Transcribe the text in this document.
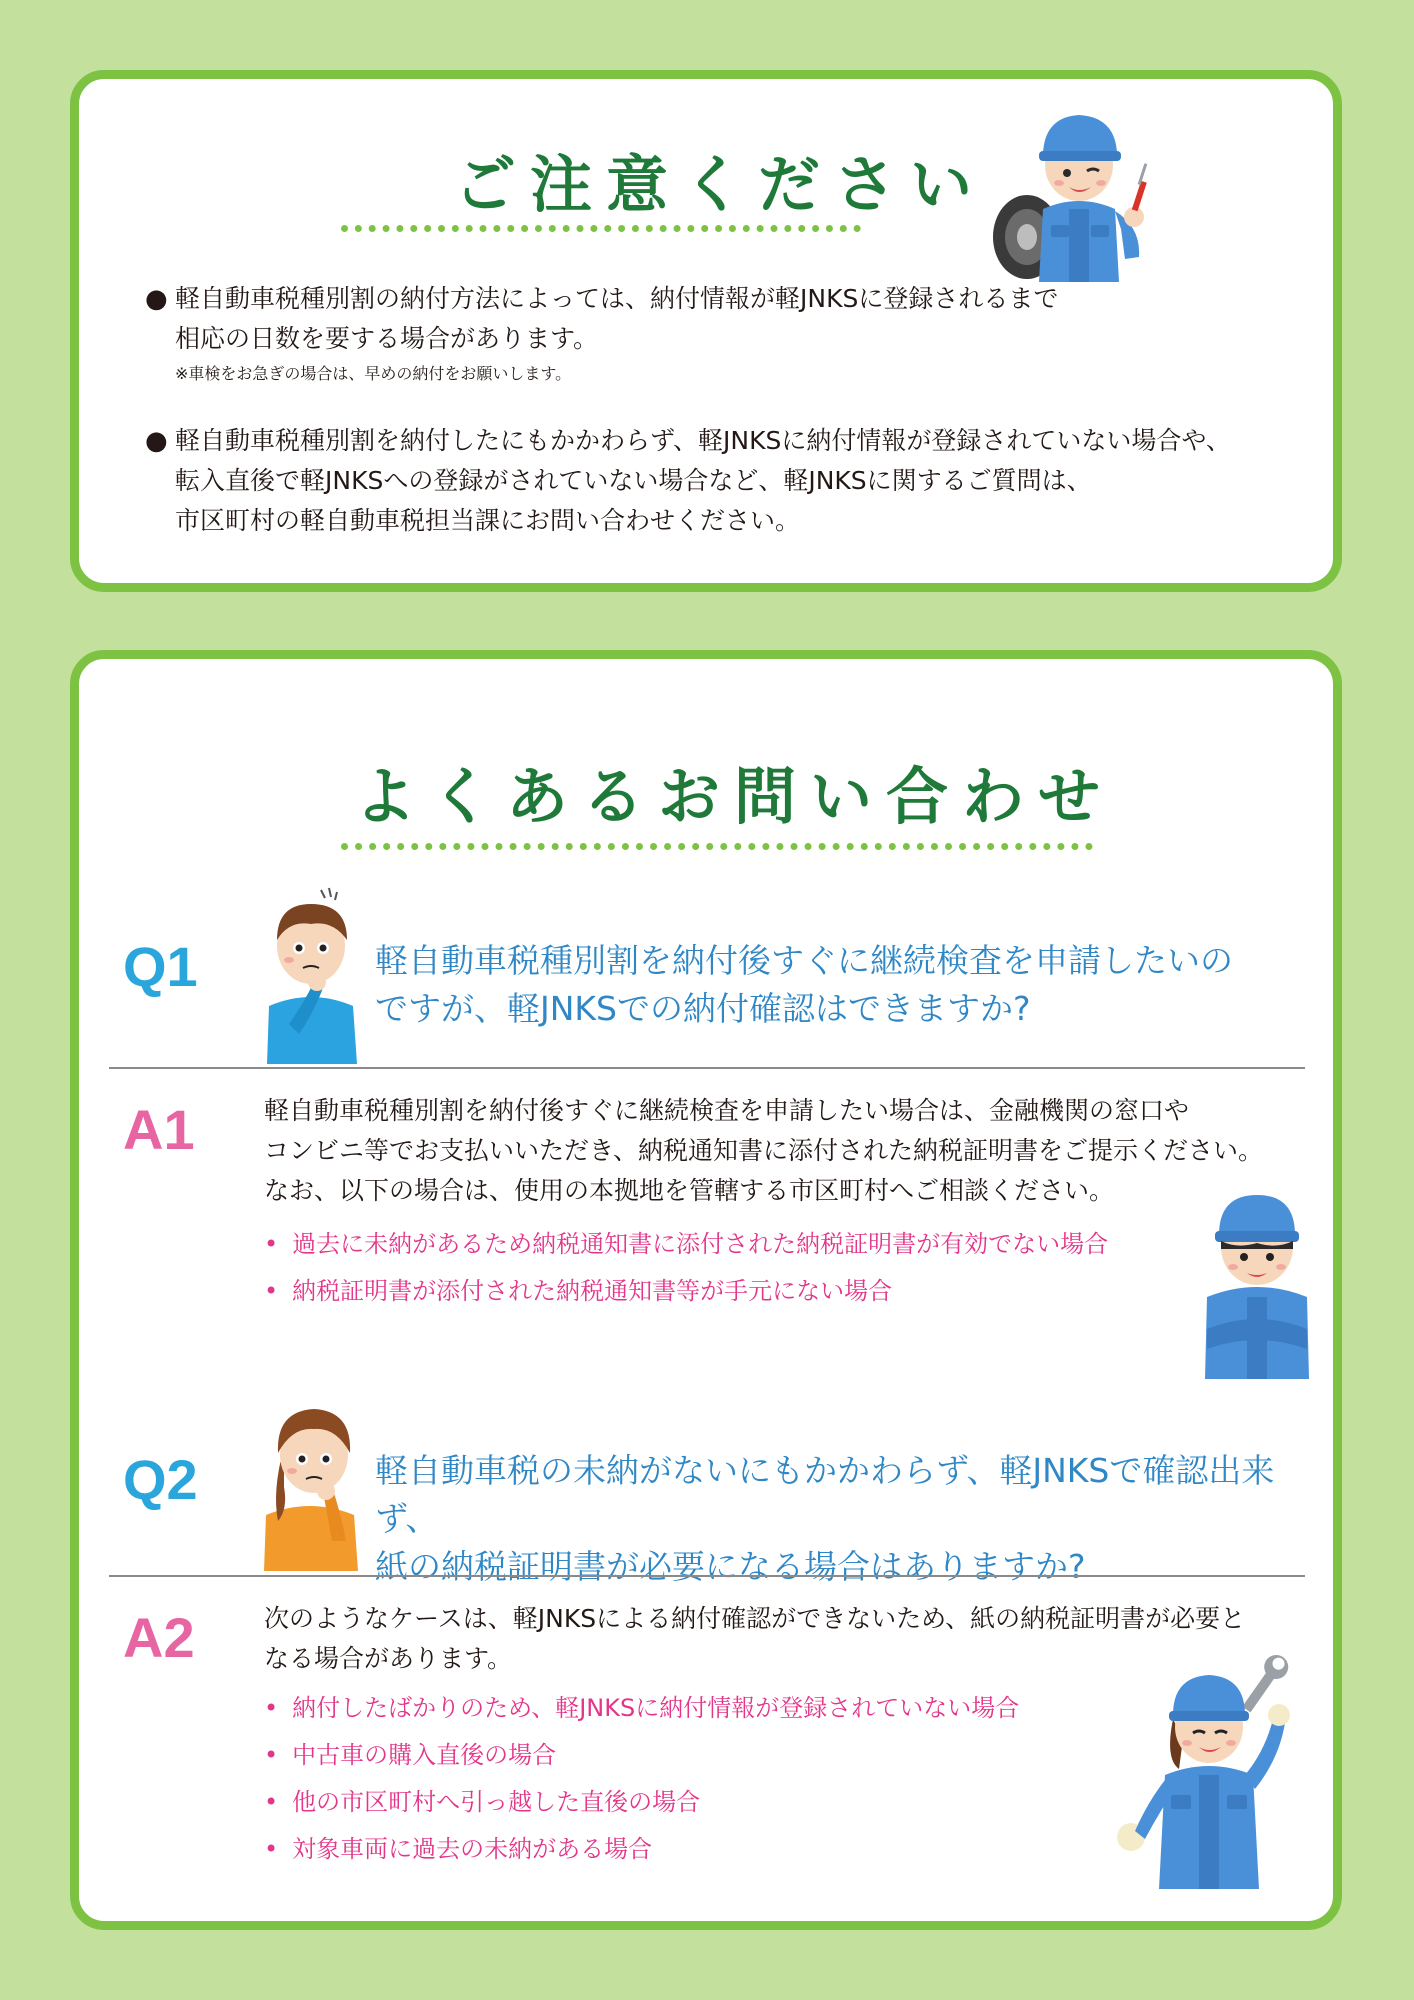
ご注意ください
● 軽自動車税種別割の納付方法によっては、納付情報が軽JNKSに登録されるまで
相応の日数を要する場合があります。
※車検をお急ぎの場合は、早めの納付をお願いします。
● 軽自動車税種別割を納付したにもかかわらず、軽JNKSに納付情報が登録されていない場合や、
転入直後で軽JNKSへの登録がされていない場合など、軽JNKSに関するご質問は、
市区町村の軽自動車税担当課にお問い合わせください。
よくあるお問い合わせ
Q1	軽自動車税種別割を納付後すぐに継続検査を申請したいの
ですが、軽JNKSでの納付確認はできますか?
A1	軽自動車税種別割を納付後すぐに継続検査を申請したい場合は、金融機関の窓口や
コンビニ等でお支払いいただき、納税通知書に添付された納税証明書をご提示ください。
なお、以下の場合は、使用の本拠地を管轄する市区町村へご相談ください。
• 過去に未納があるため納税通知書に添付された納税証明書が有効でない場合
• 納税証明書が添付された納税通知書等が手元にない場合
Q2	軽自動車税の未納がないにもかかわらず、軽JNKSで確認出来ず、
紙の納税証明書が必要になる場合はありますか?
A2	次のようなケースは、軽JNKSによる納付確認ができないため、紙の納税証明書が必要と
なる場合があります。
• 納付したばかりのため、軽JNKSに納付情報が登録されていない場合
• 中古車の購入直後の場合
• 他の市区町村へ引っ越した直後の場合
• 対象車両に過去の未納がある場合
